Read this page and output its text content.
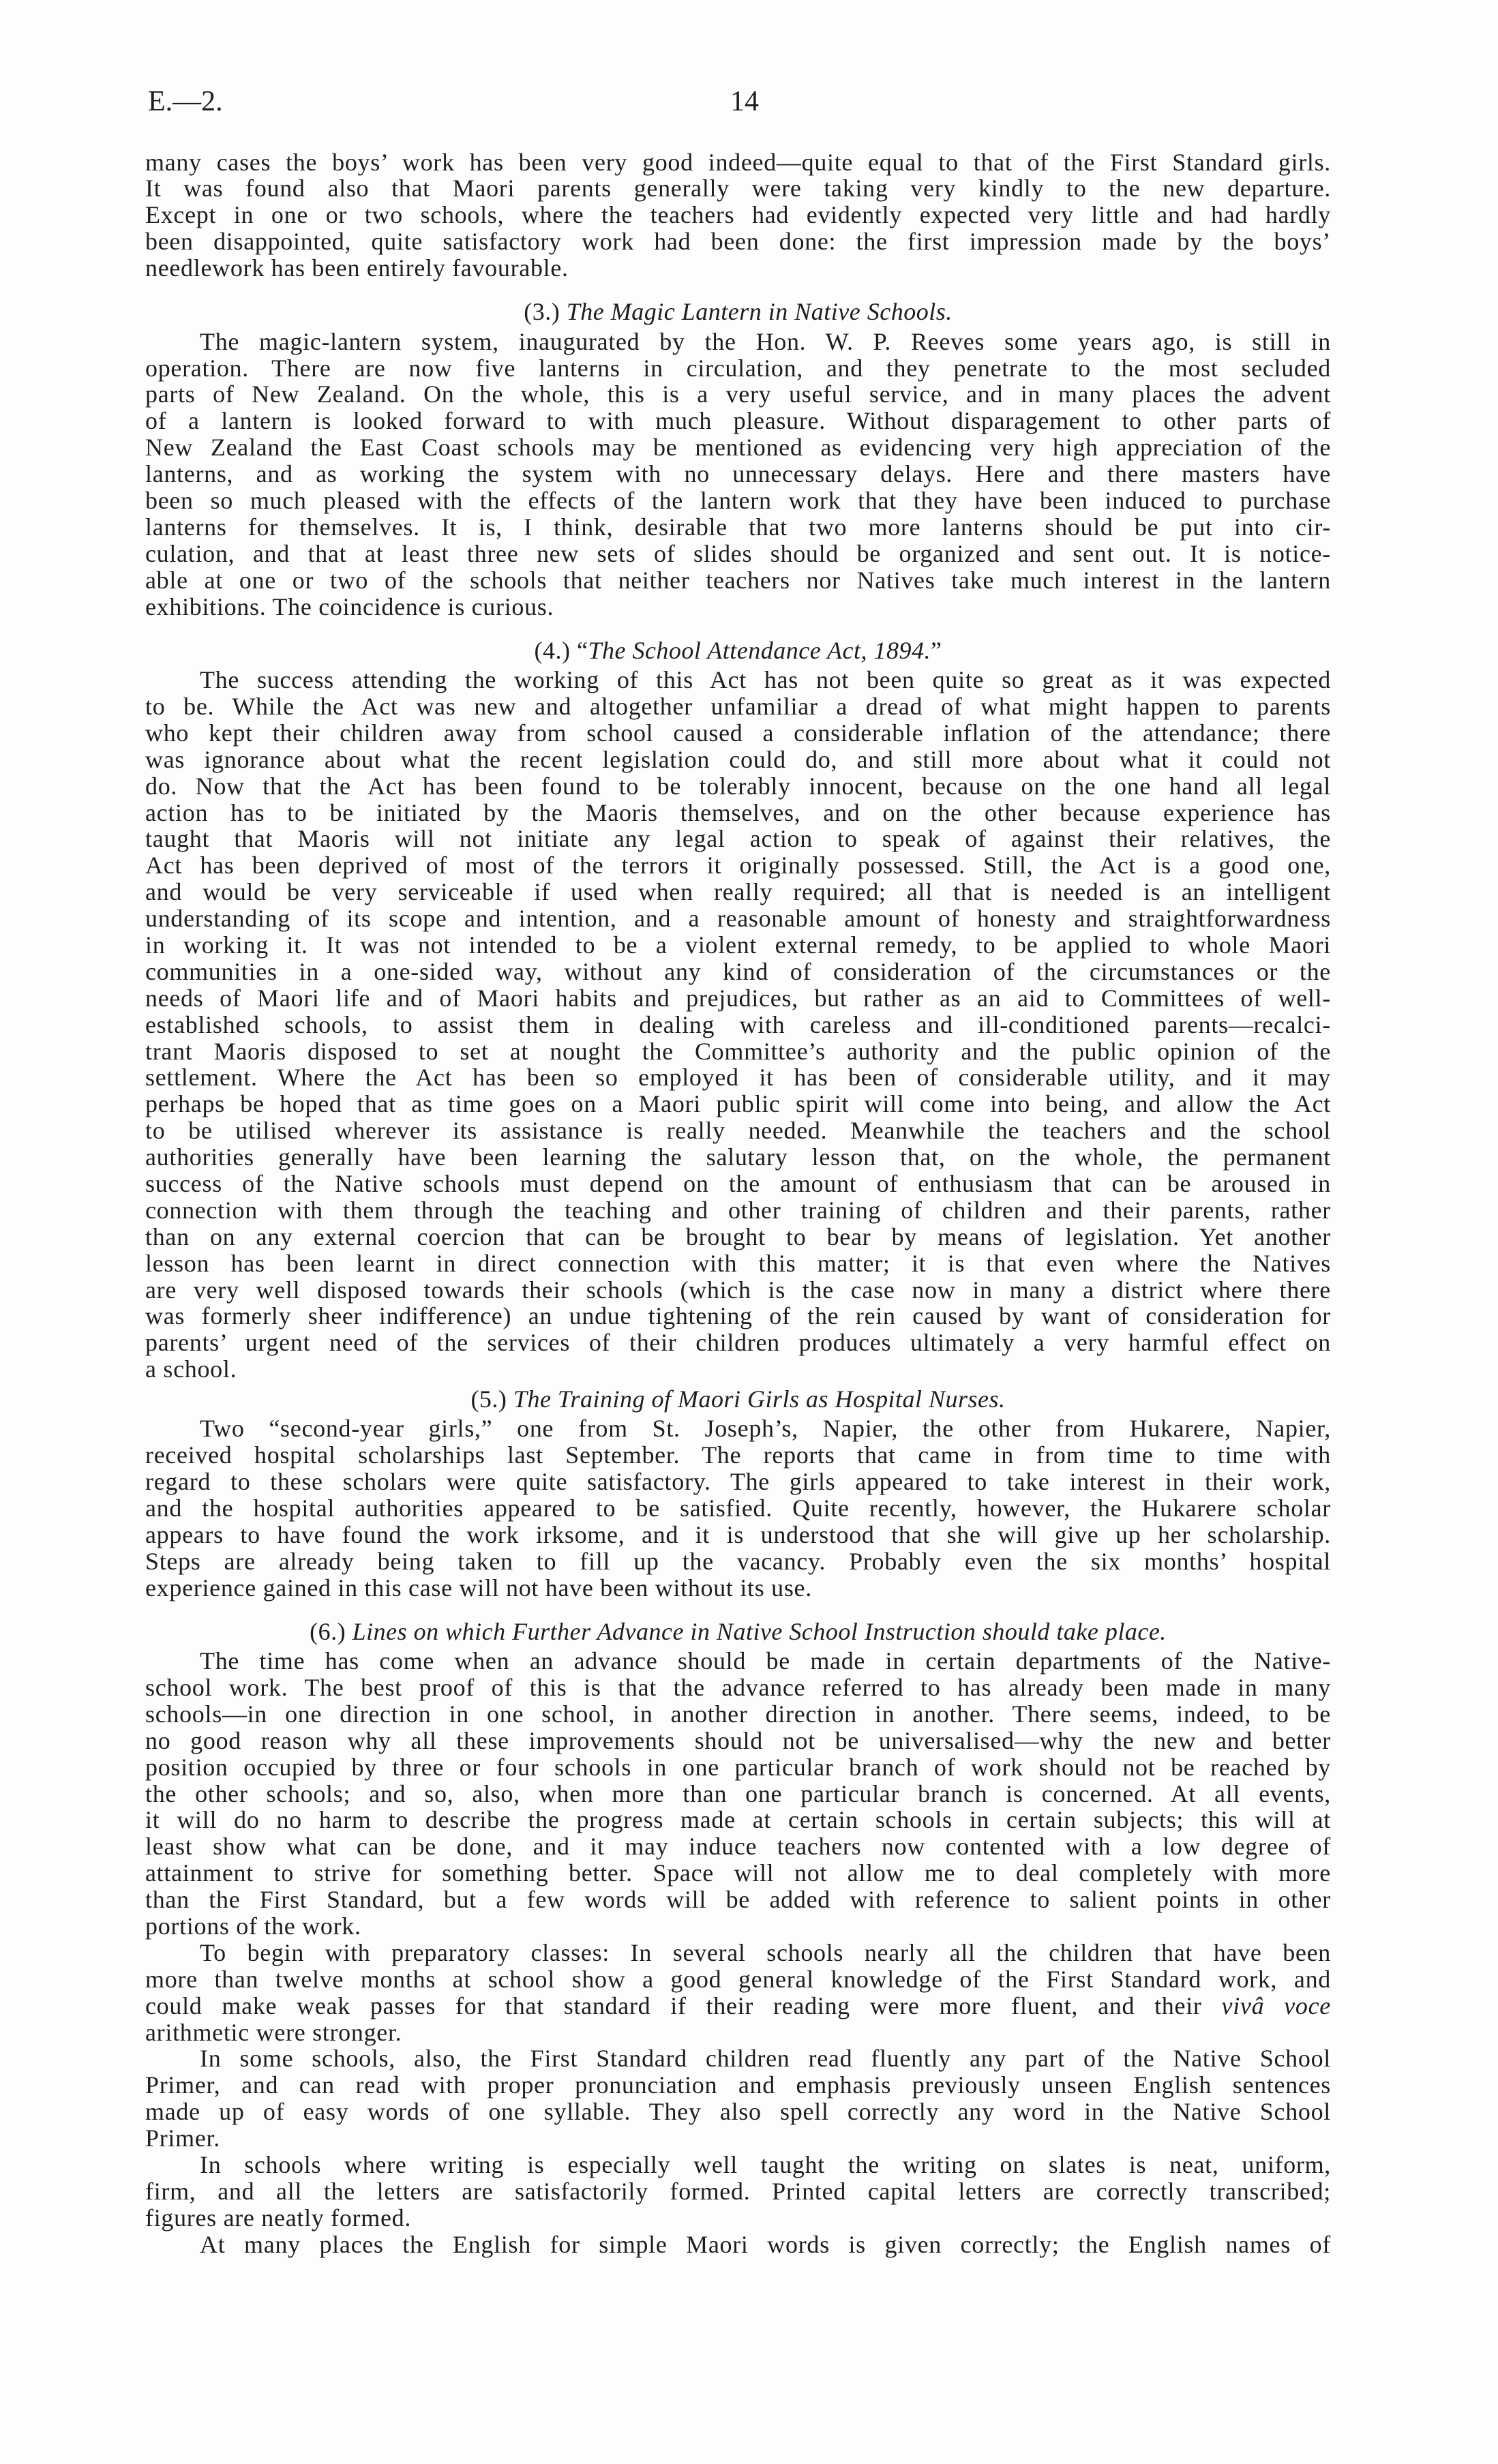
E.—2.	14
many cases the boys’ work has been very good indeed—quite equal to that of the First Standard girls.
It was found also that Maori parents generally were taking very kindly to the new departure.
Except in one or two schools, where the teachers had evidently expected very little and had hardly
been disappointed, quite satisfactory work had been done: the first impression made by the boys’
needlework has been entirely favourable.
(3.) The Magic Lantern in Native Schools.
The magic-lantern system, inaugurated by the Hon. W. P. Reeves some years ago, is still in
operation. There are now five lanterns in circulation, and they penetrate to the most secluded
parts of New Zealand. On the whole, this is a very useful service, and in many places the advent
of a lantern is looked forward to with much pleasure. Without disparagement to other parts of
New Zealand the East Coast schools may be mentioned as evidencing very high appreciation of the
lanterns, and as working the system with no unnecessary delays. Here and there masters have
been so much pleased with the effects of the lantern work that they have been induced to purchase
lanterns for themselves. It is, I think, desirable that two more lanterns should be put into cir-
culation, and that at least three new sets of slides should be organized and sent out. It is notice-
able at one or two of the schools that neither teachers nor Natives take much interest in the lantern
exhibitions. The coincidence is curious.
(4.) “The School Attendance Act, 1894.”
The success attending the working of this Act has not been quite so great as it was expected
to be. While the Act was new and altogether unfamiliar a dread of what might happen to parents
who kept their children away from school caused a considerable inflation of the attendance; there
was ignorance about what the recent legislation could do, and still more about what it could not
do. Now that the Act has been found to be tolerably innocent, because on the one hand all legal
action has to be initiated by the Maoris themselves, and on the other because experience has
taught that Maoris will not initiate any legal action to speak of against their relatives, the
Act has been deprived of most of the terrors it originally possessed. Still, the Act is a good one,
and would be very serviceable if used when really required; all that is needed is an intelligent
understanding of its scope and intention, and a reasonable amount of honesty and straightforwardness
in working it. It was not intended to be a violent external remedy, to be applied to whole Maori
communities in a one-sided way, without any kind of consideration of the circumstances or the
needs of Maori life and of Maori habits and prejudices, but rather as an aid to Committees of well-
established schools, to assist them in dealing with careless and ill-conditioned parents—recalci-
trant Maoris disposed to set at nought the Committee’s authority and the public opinion of the
settlement. Where the Act has been so employed it has been of considerable utility, and it may
perhaps be hoped that as time goes on a Maori public spirit will come into being, and allow the Act
to be utilised wherever its assistance is really needed. Meanwhile the teachers and the school
authorities generally have been learning the salutary lesson that, on the whole, the permanent
success of the Native schools must depend on the amount of enthusiasm that can be aroused in
connection with them through the teaching and other training of children and their parents, rather
than on any external coercion that can be brought to bear by means of legislation. Yet another
lesson has been learnt in direct connection with this matter; it is that even where the Natives
are very well disposed towards their schools (which is the case now in many a district where there
was formerly sheer indifference) an undue tightening of the rein caused by want of consideration for
parents’ urgent need of the services of their children produces ultimately a very harmful effect on
a school.
(5.) The Training of Maori Girls as Hospital Nurses.
Two “second-year girls,” one from St. Joseph’s, Napier, the other from Hukarere, Napier,
received hospital scholarships last September. The reports that came in from time to time with
regard to these scholars were quite satisfactory. The girls appeared to take interest in their work,
and the hospital authorities appeared to be satisfied. Quite recently, however, the Hukarere scholar
appears to have found the work irksome, and it is understood that she will give up her scholarship.
Steps are already being taken to fill up the vacancy. Probably even the six months’ hospital
experience gained in this case will not have been without its use.
(6.) Lines on which Further Advance in Native School Instruction should take place.
The time has come when an advance should be made in certain departments of the Native-
school work. The best proof of this is that the advance referred to has already been made in many
schools—in one direction in one school, in another direction in another. There seems, indeed, to be
no good reason why all these improvements should not be universalised—why the new and better
position occupied by three or four schools in one particular branch of work should not be reached by
the other schools; and so, also, when more than one particular branch is concerned. At all events,
it will do no harm to describe the progress made at certain schools in certain subjects; this will at
least show what can be done, and it may induce teachers now contented with a low degree of
attainment to strive for something better. Space will not allow me to deal completely with more
than the First Standard, but a few words will be added with reference to salient points in other
portions of the work.
To begin with preparatory classes: In several schools nearly all the children that have been
more than twelve months at school show a good general knowledge of the First Standard work, and
could make weak passes for that standard if their reading were more fluent, and their vivâ voce
arithmetic were stronger.
In some schools, also, the First Standard children read fluently any part of the Native School
Primer, and can read with proper pronunciation and emphasis previously unseen English sentences
made up of easy words of one syllable. They also spell correctly any word in the Native School
Primer.
In schools where writing is especially well taught the writing on slates is neat, uniform,
firm, and all the letters are satisfactorily formed. Printed capital letters are correctly transcribed;
figures are neatly formed.
At many places the English for simple Maori words is given correctly; the English names of
